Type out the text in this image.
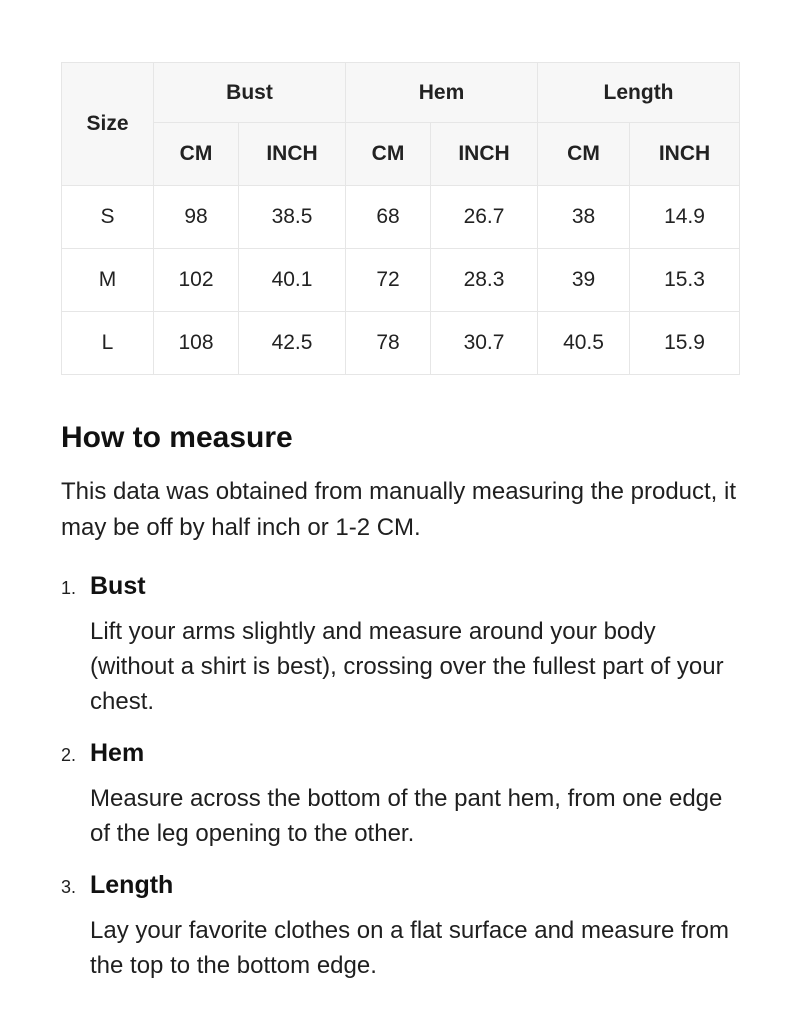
Size	Bust		Hem		Length	
	CM	INCH	CM	INCH	CM	INCH
S	98	38.5	68	26.7	38	14.9
M	102	40.1	72	28.3	39	15.3
L	108	42.5	78	30.7	40.5	15.9
How to measure

This data was obtained from manually measuring the product, it may be off by half inch or 1-2 CM.

1. Bust

Lift your arms slightly and measure around your body (without a shirt is best), crossing over the fullest part of your chest.

2. Hem

Measure across the bottom of the pant hem, from one edge of the leg opening to the other.

3. Length

Lay your favorite clothes on a flat surface and measure from the top to the bottom edge.
